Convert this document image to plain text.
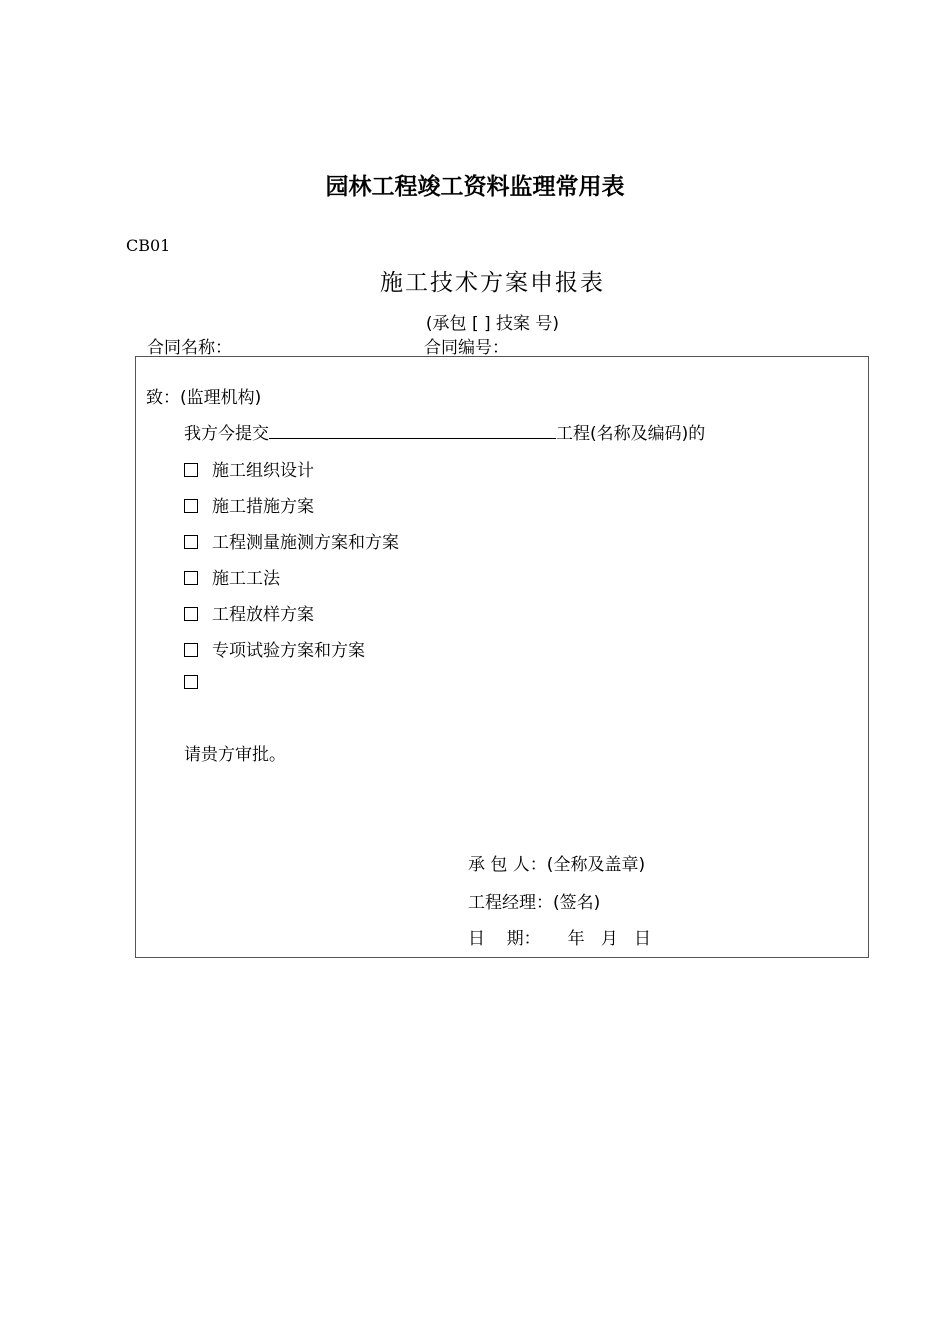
园林工程竣工资料监理常用表
CB01
施工技术方案申报表
(承包 [ ] 技案 号)
合同名称：	合同编号：
致：(监理机构)
我方今提交	工程(名称及编码)的
施工组织设计
施工措施方案
工程测量施测方案和方案
施工工法
工程放样方案
专项试验方案和方案
请贵方审批。
承 包 人：(全称及盖章)
工程经理：(签名)
日    期：     年   月   日
